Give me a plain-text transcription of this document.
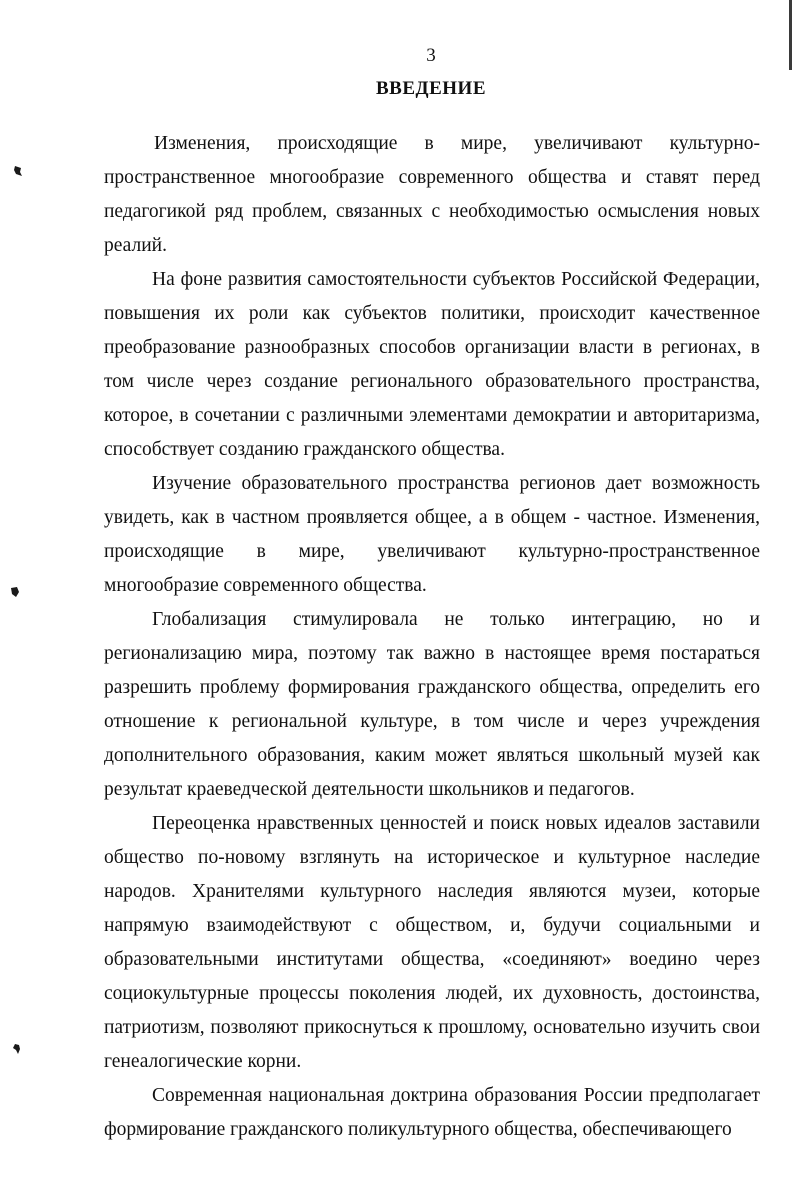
3
ВВЕДЕНИЕ

Изменения, происходящие в мире, увеличивают культурно-пространственное многообразие современного общества и ставят перед педагогикой ряд проблем, связанных с необходимостью осмысления новых реалий.

На фоне развития самостоятельности субъектов Российской Федерации, повышения их роли как субъектов политики, происходит качественное преобразование разнообразных способов организации власти в регионах, в том числе через создание регионального образовательного пространства, которое, в сочетании с различными элементами демократии и авторитаризма, способствует созданию гражданского общества.

Изучение образовательного пространства регионов дает возможность увидеть, как в частном проявляется общее, а в общем - частное. Изменения, происходящие в мире, увеличивают культурно-пространственное многообразие современного общества.

Глобализация стимулировала не только интеграцию, но и регионализацию мира, поэтому так важно в настоящее время постараться разрешить проблему формирования гражданского общества, определить его отношение к региональной культуре, в том числе и через учреждения дополнительного образования, каким может являться школьный музей как результат краеведческой деятельности школьников и педагогов.

Переоценка нравственных ценностей и поиск новых идеалов заставили общество по-новому взглянуть на историческое и культурное наследие народов. Хранителями культурного наследия являются музеи, которые напрямую взаимодействуют с обществом, и, будучи социальными и образовательными институтами общества, «соединяют» воедино через социокультурные процессы поколения людей, их духовность, достоинства, патриотизм, позволяют прикоснуться к прошлому, основательно изучить свои генеалогические корни.

Современная национальная доктрина образования России предполагает формирование гражданского поликультурного общества, обеспечивающего
